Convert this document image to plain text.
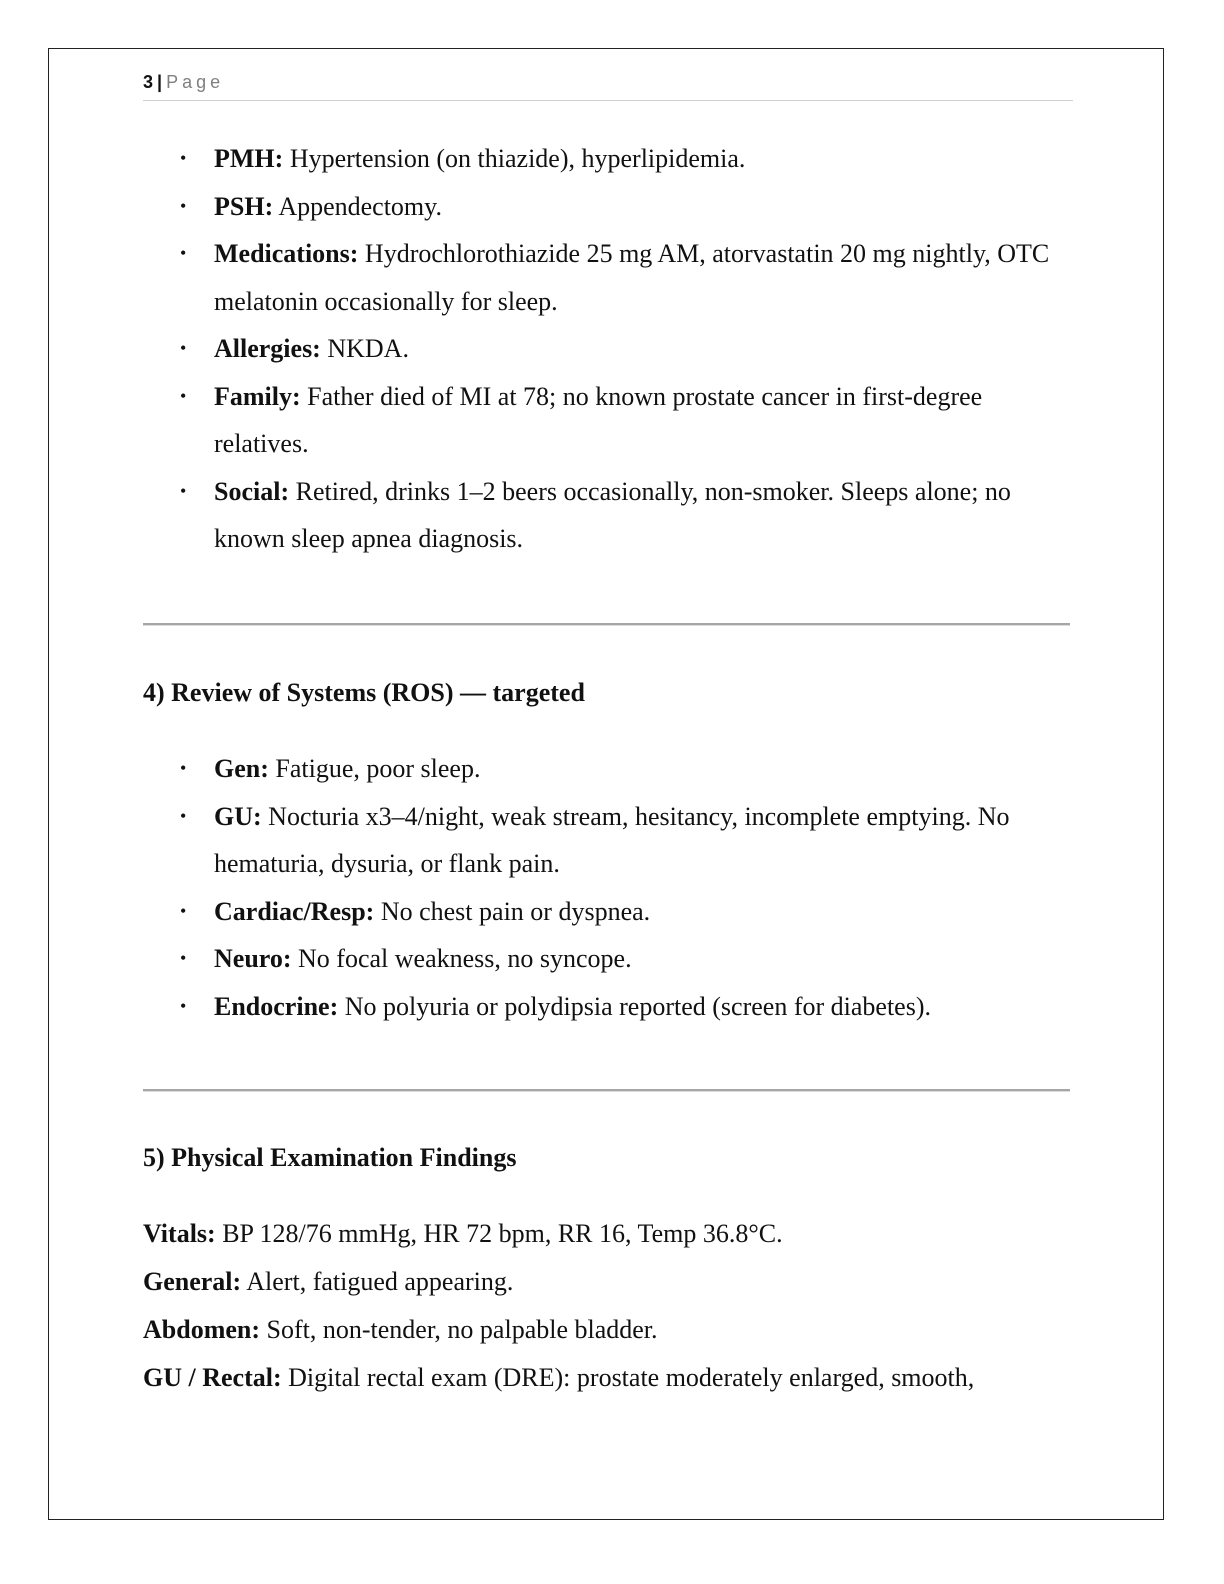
3 | Page
• PMH: Hypertension (on thiazide), hyperlipidemia.
• PSH: Appendectomy.
• Medications: Hydrochlorothiazide 25 mg AM, atorvastatin 20 mg nightly, OTC melatonin occasionally for sleep.
• Allergies: NKDA.
• Family: Father died of MI at 78; no known prostate cancer in first-degree relatives.
• Social: Retired, drinks 1–2 beers occasionally, non-smoker. Sleeps alone; no known sleep apnea diagnosis.
4) Review of Systems (ROS) — targeted
• Gen: Fatigue, poor sleep.
• GU: Nocturia x3–4/night, weak stream, hesitancy, incomplete emptying. No hematuria, dysuria, or flank pain.
• Cardiac/Resp: No chest pain or dyspnea.
• Neuro: No focal weakness, no syncope.
• Endocrine: No polyuria or polydipsia reported (screen for diabetes).
5) Physical Examination Findings
Vitals: BP 128/76 mmHg, HR 72 bpm, RR 16, Temp 36.8°C.
General: Alert, fatigued appearing.
Abdomen: Soft, non-tender, no palpable bladder.
GU / Rectal: Digital rectal exam (DRE): prostate moderately enlarged, smooth,
